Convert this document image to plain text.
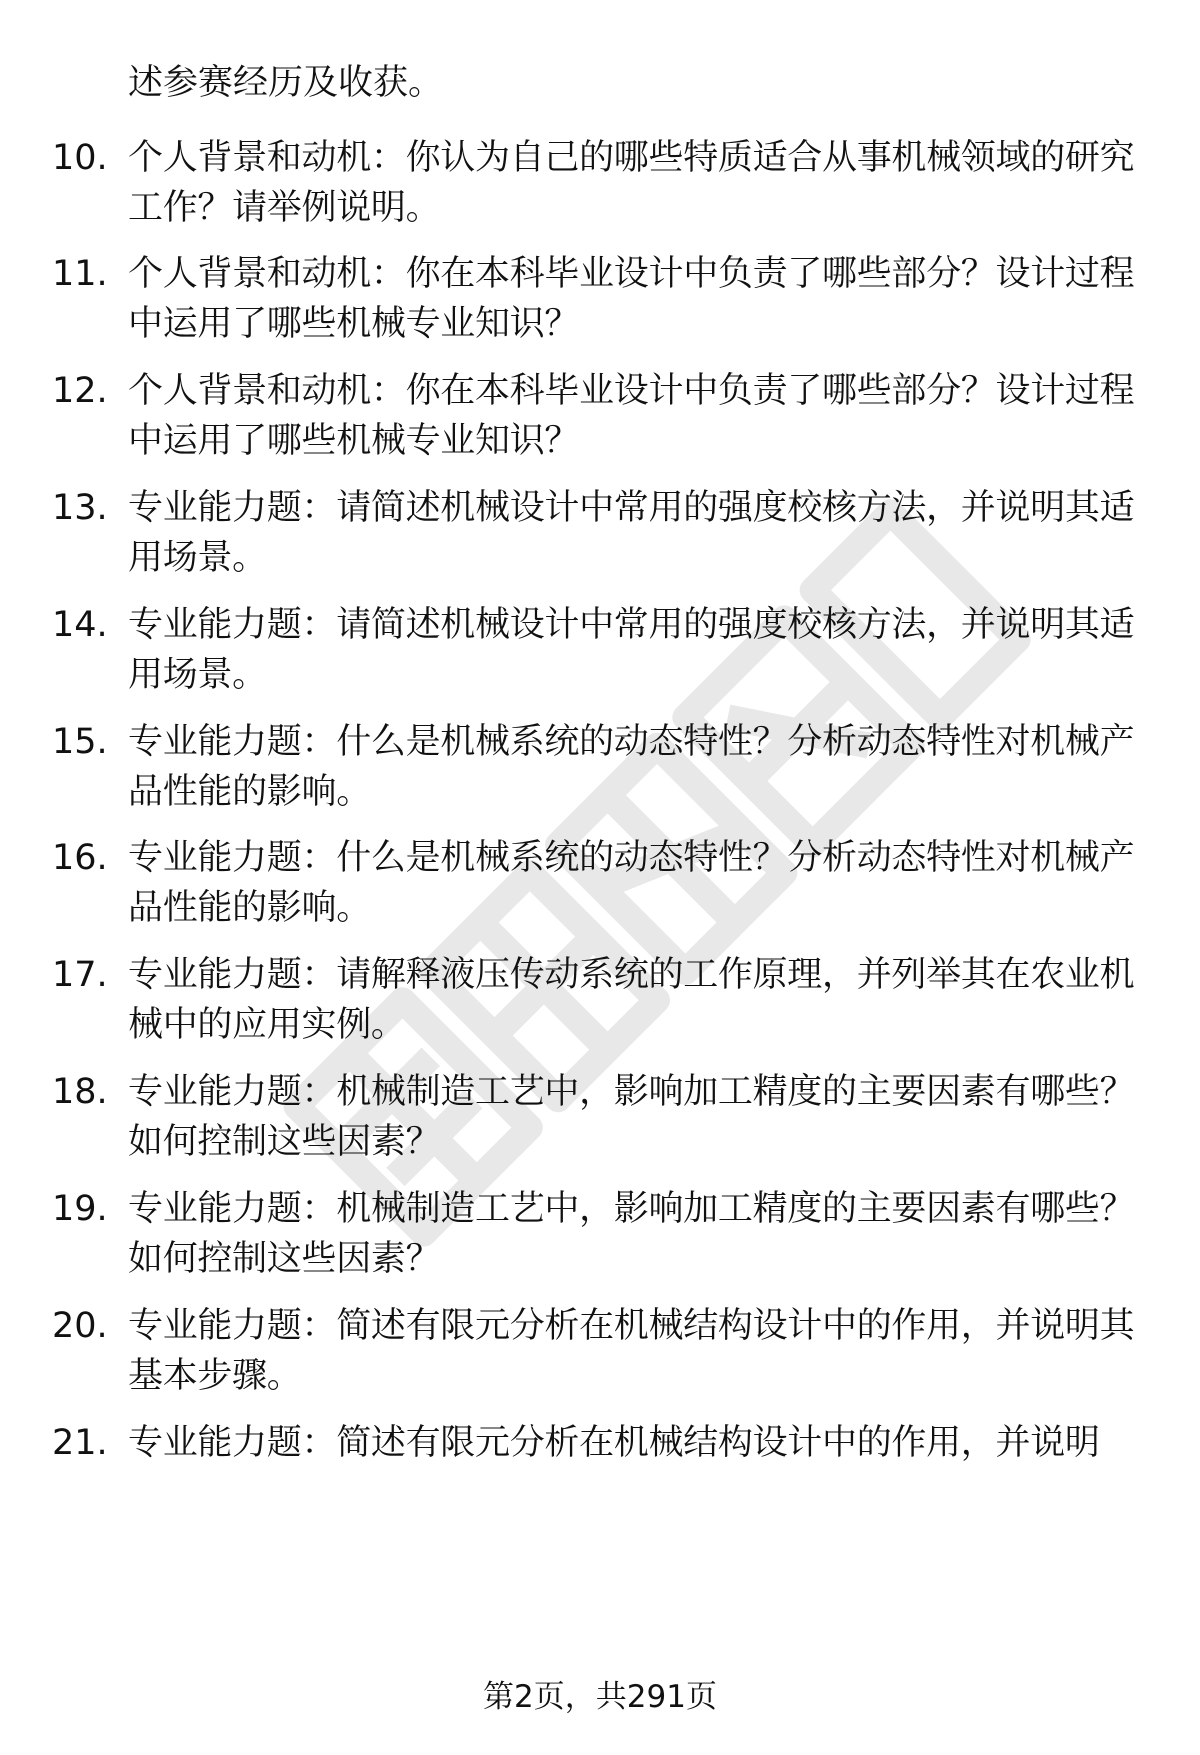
述参赛经历及收获。
10. 个人背景和动机：你认为自己的哪些特质适合从事机械领域的研究工作？请举例说明。
11. 个人背景和动机：你在本科毕业设计中负责了哪些部分？设计过程中运用了哪些机械专业知识？
12. 个人背景和动机：你在本科毕业设计中负责了哪些部分？设计过程中运用了哪些机械专业知识？
13. 专业能力题：请简述机械设计中常用的强度校核方法，并说明其适用场景。
14. 专业能力题：请简述机械设计中常用的强度校核方法，并说明其适用场景。
15. 专业能力题：什么是机械系统的动态特性？分析动态特性对机械产品性能的影响。
16. 专业能力题：什么是机械系统的动态特性？分析动态特性对机械产品性能的影响。
17. 专业能力题：请解释液压传动系统的工作原理，并列举其在农业机械中的应用实例。
18. 专业能力题：机械制造工艺中，影响加工精度的主要因素有哪些？如何控制这些因素？
19. 专业能力题：机械制造工艺中，影响加工精度的主要因素有哪些？如何控制这些因素？
20. 专业能力题：简述有限元分析在机械结构设计中的作用，并说明其基本步骤。
21. 专业能力题：简述有限元分析在机械结构设计中的作用，并说明
第2页，共291页
